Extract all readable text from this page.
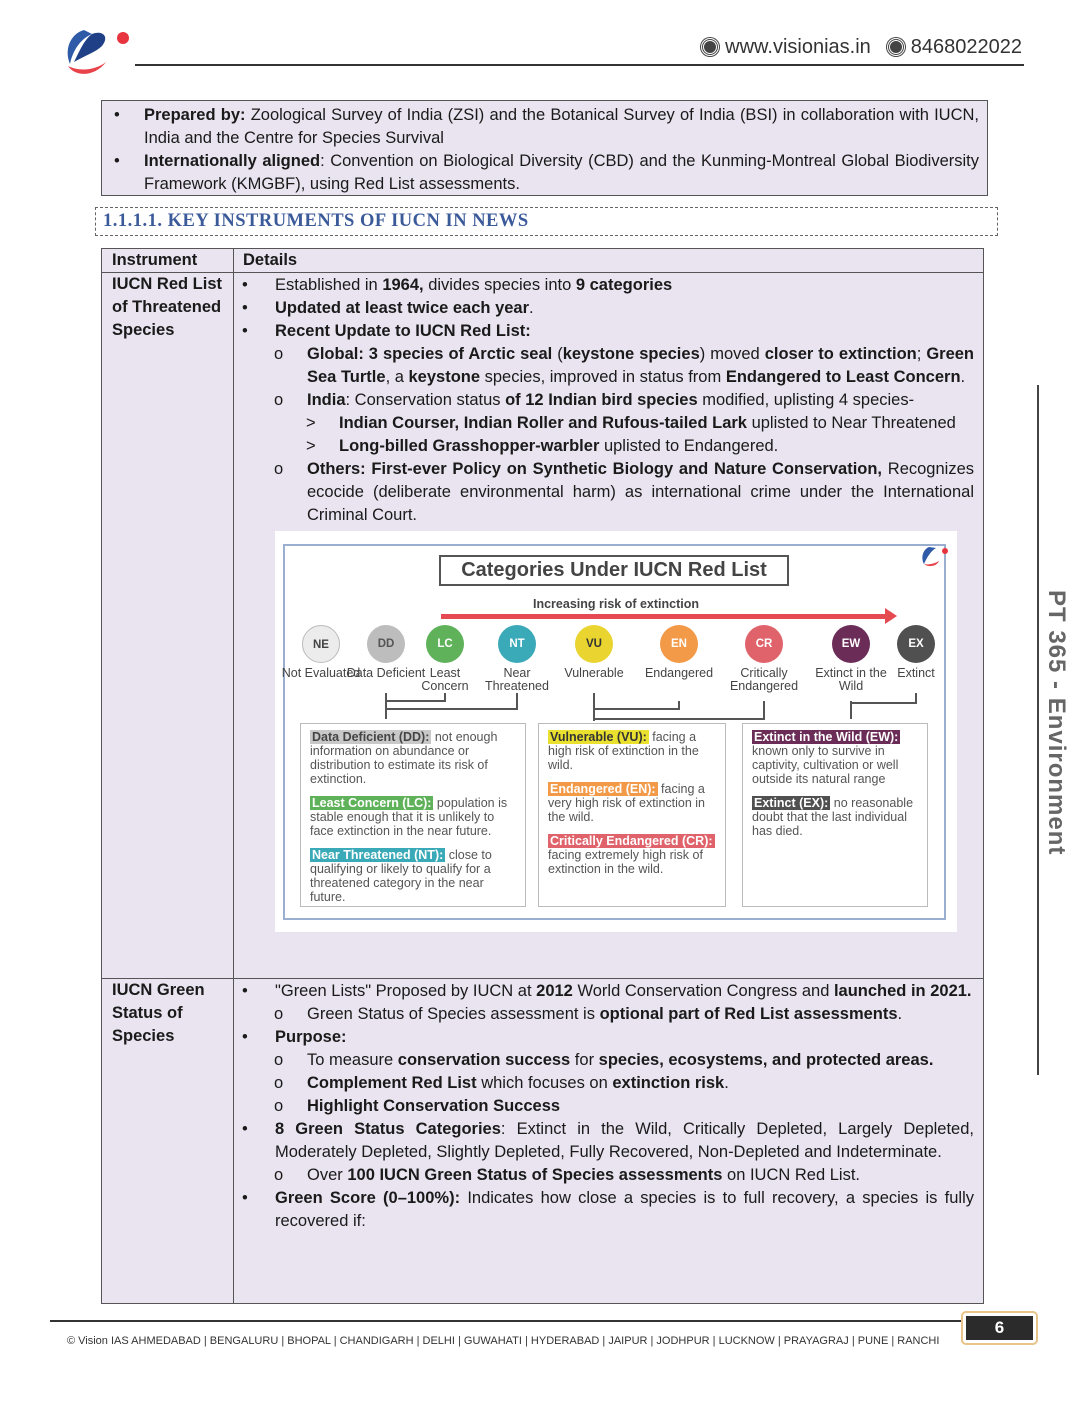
www.visionias.in	8468022022
•	Prepared by: Zoological Survey of India (ZSI) and the Botanical Survey of India (BSI) in collaboration with IUCN, India and the Centre for Species Survival
•	Internationally aligned: Convention on Biological Diversity (CBD) and the Kunming-Montreal Global Biodiversity Framework (KMGBF), using Red List assessments.
1.1.1.1. KEY INSTRUMENTS OF IUCN IN NEWS
Instrument	Details
IUCN Red List of Threatened Species
•	Established in 1964, divides species into 9 categories
•	Updated at least twice each year.
•	Recent Update to IUCN Red List:
o	Global: 3 species of Arctic seal (keystone species) moved closer to extinction; Green Sea Turtle, a keystone species, improved in status from Endangered to Least Concern.
o	India: Conservation status of 12 Indian bird species modified, uplisting 4 species-
>	Indian Courser, Indian Roller and Rufous-tailed Lark uplisted to Near Threatened
>	Long-billed Grasshopper-warbler uplisted to Endangered.
o	Others: First-ever Policy on Synthetic Biology and Nature Conservation, Recognizes ecocide (deliberate environmental harm) as international crime under the International Criminal Court.
Categories Under IUCN Red List
Increasing risk of extinction
NE
Not Evaluated
DD
Data Deficient
LC
Least Concern
NT
Near Threatened
VU
Vulnerable
EN
Endangered
CR
Critically Endangered
EW
Extinct in the Wild
EX
Extinct

Data Deficient (DD): not enough information on abundance or distribution to estimate its risk of extinction.

Least Concern (LC): population is stable enough that it is unlikely to face extinction in the near future.

Near Threatened (NT): close to qualifying or likely to qualify for a threatened category in the near future.

Vulnerable (VU): facing a high risk of extinction in the wild.

Endangered (EN): facing a very high risk of extinction in the wild.

Critically Endangered (CR): facing extremely high risk of extinction in the wild.

Extinct in the Wild (EW): known only to survive in captivity, cultivation or well outside its natural range

Extinct (EX): no reasonable doubt that the last individual has died.

IUCN Green Status of Species
•	"Green Lists" Proposed by IUCN at 2012 World Conservation Congress and launched in 2021.
o	Green Status of Species assessment is optional part of Red List assessments.
•	Purpose:
o	To measure conservation success for species, ecosystems, and protected areas.
o	Complement Red List which focuses on extinction risk.
o	Highlight Conservation Success
•	8 Green Status Categories: Extinct in the Wild, Critically Depleted, Largely Depleted, Moderately Depleted, Slightly Depleted, Fully Recovered, Non-Depleted and Indeterminate.
o	Over 100 IUCN Green Status of Species assessments on IUCN Red List.
•	Green Score (0–100%): Indicates how close a species is to full recovery, a species is fully recovered if:
PT 365 - Environment
© Vision IAS AHMEDABAD | BENGALURU | BHOPAL | CHANDIGARH | DELHI | GUWAHATI | HYDERABAD | JAIPUR | JODHPUR | LUCKNOW | PRAYAGRAJ | PUNE | RANCHI
6
